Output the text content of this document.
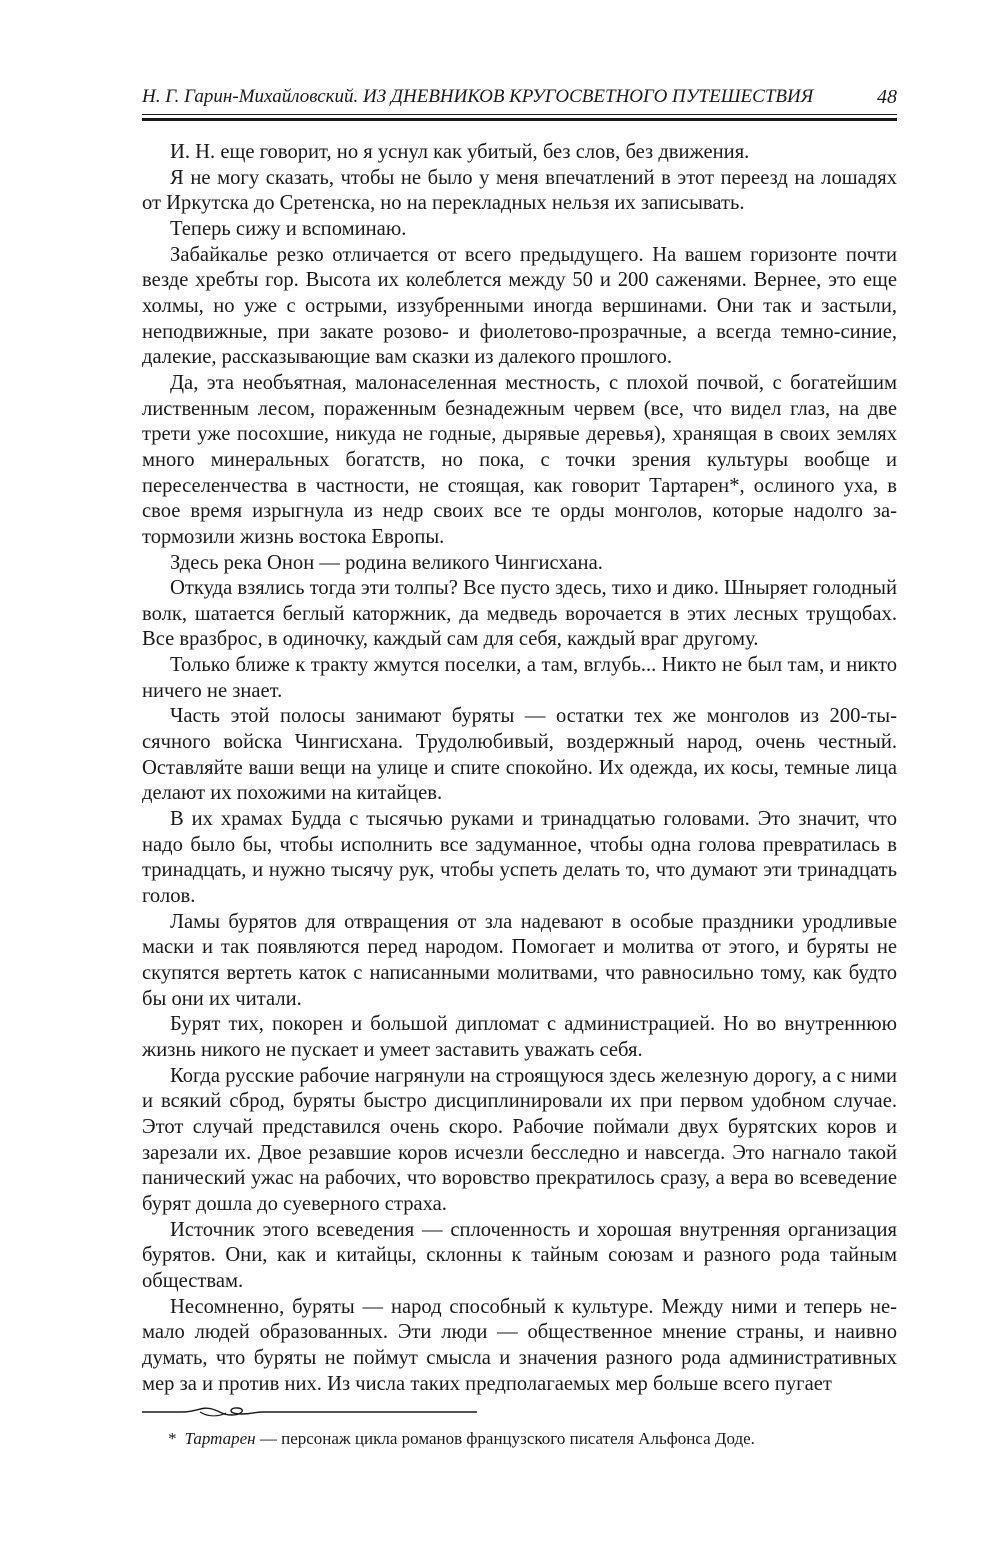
Н. Г. Гарин-Михайловский. ИЗ ДНЕВНИКОВ КРУГОСВЕТНОГО ПУТЕШЕСТВИЯ	48

И. Н. еще говорит, но я уснул как убитый, без слов, без движения.

Я не могу сказать, чтобы не было у меня впечатлений в этот переезд на лошадях от Иркутска до Сретенска, но на перекладных нельзя их записывать.

Теперь сижу и вспоминаю.

Забайкалье резко отличается от всего предыдущего. На вашем горизонте почти везде хребты гор. Высота их колеблется между 50 и 200 саженями. Вернее, это еще холмы, но уже с острыми, иззубренными иногда вершинами. Они так и застыли, неподвижные, при закате розово- и фиолетово-прозрачные, а всегда темно-синие, далекие, рассказывающие вам сказки из далекого прошлого.

Да, эта необъятная, малонаселенная местность, с плохой почвой, с богатейшим лиственным лесом, пораженным безнадежным червем (все, что видел глаз, на две трети уже посохшие, никуда не годные, дырявые деревья), хранящая в своих землях много минеральных богатств, но пока, с точки зрения культуры вообще и переселенчества в частности, не стоящая, как говорит Тартарен*, ослиного уха, в свое время изрыгнула из недр своих все те орды монголов, которые надолго затормозили жизнь востока Европы.

Здесь река Онон — родина великого Чингисхана.

Откуда взялись тогда эти толпы? Все пусто здесь, тихо и дико. Шныряет голодный волк, шатается беглый каторжник, да медведь ворочается в этих лесных трущобах. Все вразброс, в одиночку, каждый сам для себя, каждый враг другому.

Только ближе к тракту жмутся поселки, а там, вглубь... Никто не был там, и никто ничего не знает.

Часть этой полосы занимают буряты — остатки тех же монголов из 200-тысячного войска Чингисхана. Трудолюбивый, воздержный народ, очень честный. Оставляйте ваши вещи на улице и спите спокойно. Их одежда, их косы, темные лица делают их похожими на китайцев.

В их храмах Будда с тысячью руками и тринадцатью головами. Это значит, что надо было бы, чтобы исполнить все задуманное, чтобы одна голова превратилась в тринадцать, и нужно тысячу рук, чтобы успеть делать то, что думают эти тринадцать голов.

Ламы бурятов для отвращения от зла надевают в особые праздники уродливые маски и так появляются перед народом. Помогает и молитва от этого, и буряты не скупятся вертеть каток с написанными молитвами, что равносильно тому, как будто бы они их читали.

Бурят тих, покорен и большой дипломат с администрацией. Но во внутреннюю жизнь никого не пускает и умеет заставить уважать себя.

Когда русские рабочие нагрянули на строящуюся здесь железную дорогу, а с ними и всякий сброд, буряты быстро дисциплинировали их при первом удобном случае. Этот случай представился очень скоро. Рабочие поймали двух бурятских коров и зарезали их. Двое резавшие коров исчезли бесследно и навсегда. Это нагнало такой панический ужас на рабочих, что воровство прекратилось сразу, а вера во всеведение бурят дошла до суеверного страха.

Источник этого всеведения — сплоченность и хорошая внутренняя организация бурятов. Они, как и китайцы, склонны к тайным союзам и разного рода тайным обществам.

Несомненно, буряты — народ способный к культуре. Между ними и теперь немало людей образованных. Эти люди — общественное мнение страны, и наивно думать, что буряты не поймут смысла и значения разного рода административных мер за и против них. Из числа таких предполагаемых мер больше всего пугает

* Тартарен — персонаж цикла романов французского писателя Альфонса Доде.
